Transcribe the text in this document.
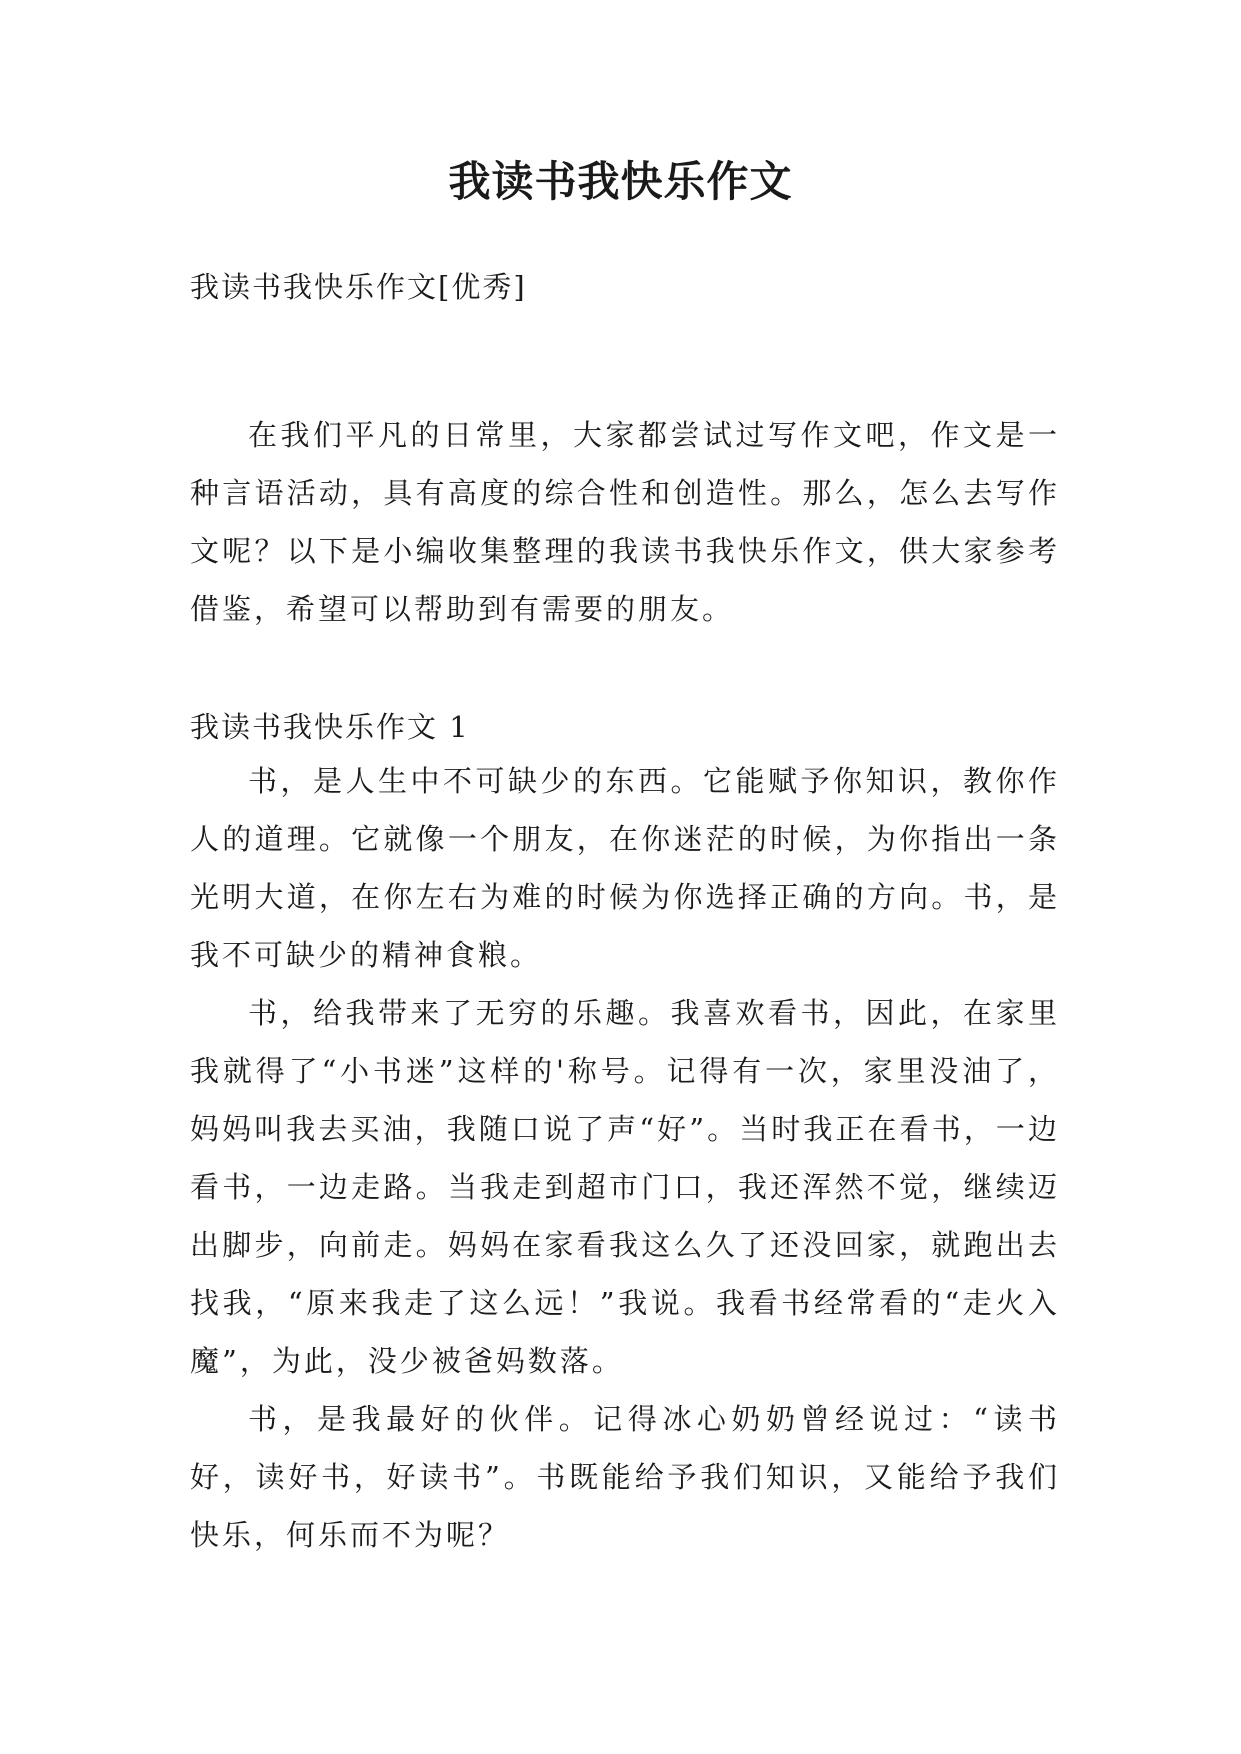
我读书我快乐作文
我读书我快乐作文[优秀]

在我们平凡的日常里，大家都尝试过写作文吧，作文是一种言语活动，具有高度的综合性和创造性。那么，怎么去写作文呢？以下是小编收集整理的我读书我快乐作文，供大家参考借鉴，希望可以帮助到有需要的朋友。

我读书我快乐作文 1

书，是人生中不可缺少的东西。它能赋予你知识，教你作人的道理。它就像一个朋友，在你迷茫的时候，为你指出一条光明大道，在你左右为难的时候为你选择正确的方向。书，是我不可缺少的精神食粮。

书，给我带来了无穷的乐趣。我喜欢看书，因此，在家里我就得了“小书迷”这样的'称号。记得有一次，家里没油了，妈妈叫我去买油，我随口说了声“好”。当时我正在看书，一边看书，一边走路。当我走到超市门口，我还浑然不觉，继续迈出脚步，向前走。妈妈在家看我这么久了还没回家，就跑出去找我，“原来我走了这么远！”我说。我看书经常看的“走火入魔”，为此，没少被爸妈数落。

书，是我最好的伙伴。记得冰心奶奶曾经说过：“读书好，读好书，好读书”。书既能给予我们知识，又能给予我们快乐，何乐而不为呢？
